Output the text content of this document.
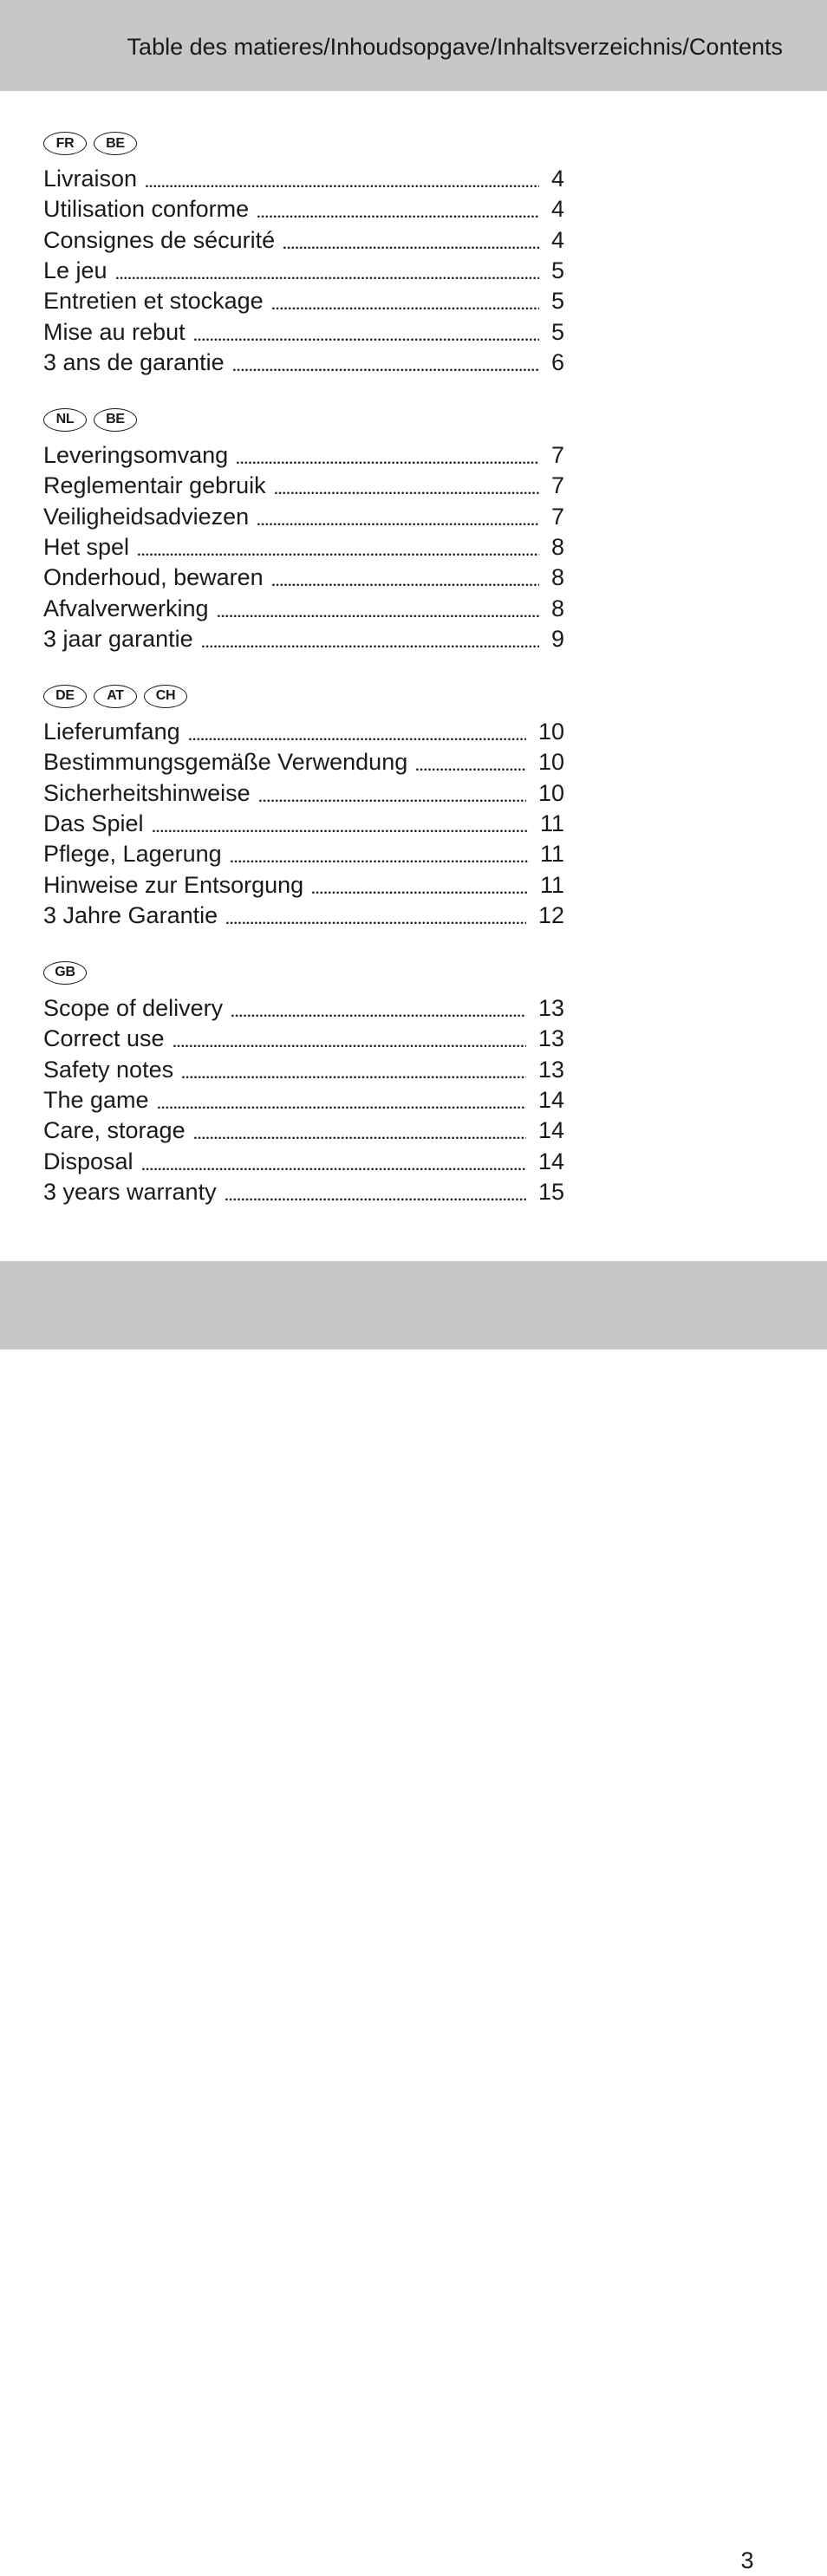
Table des matieres/Inhoudsopgave/Inhaltsverzeichnis/Contents
FR	BE
Livraison	4
Utilisation conforme	4
Consignes de sécurité	4
Le jeu	5
Entretien et stockage	5
Mise au rebut	5
3 ans de garantie	6
NL	BE
Leveringsomvang	7
Reglementair gebruik	7
Veiligheidsadviezen	7
Het spel	8
Onderhoud, bewaren	8
Afvalverwerking	8
3 jaar garantie	9
DE	AT	CH
Lieferumfang	10
Bestimmungsgemäße Verwendung	10
Sicherheitshinweise	10
Das Spiel	11
Pflege, Lagerung	11
Hinweise zur Entsorgung	11
3 Jahre Garantie	12
GB
Scope of delivery	13
Correct use	13
Safety notes	13
The game	14
Care, storage	14
Disposal	14
3 years warranty	15
3
